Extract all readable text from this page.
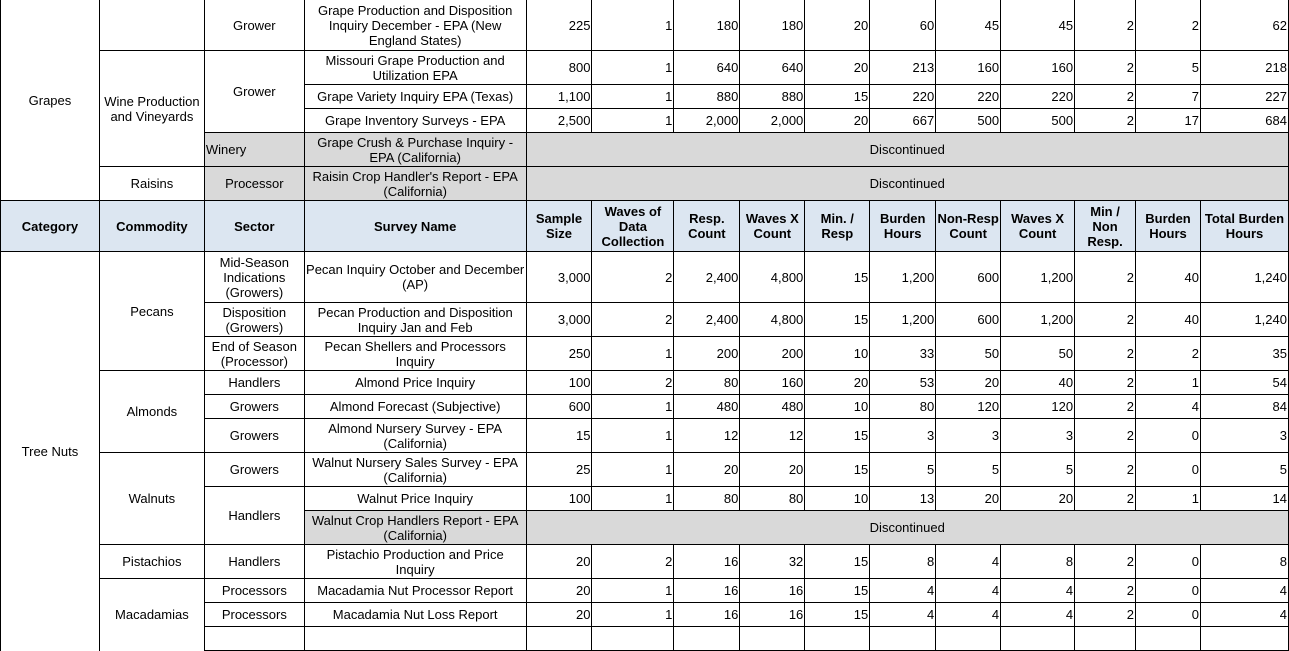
Grapes		Grower	Grape Production and Disposition Inquiry December - EPA (New England States)	225	1	180	180	20	60	45	45	2	2	62
	Wine Production and Vineyards	Grower	Missouri Grape Production and Utilization EPA	800	1	640	640	20	213	160	160	2	5	218
			Grape Variety Inquiry EPA (Texas)	1,100	1	880	880	15	220	220	220	2	7	227
			Grape Inventory Surveys - EPA	2,500	1	2,000	2,000	20	667	500	500	2	17	684
		Winery	Grape Crush & Purchase Inquiry - EPA (California)	Discontinued										
	Raisins	Processor	Raisin Crop Handler's Report - EPA (California)	Discontinued										
Category	Commodity	Sector	Survey Name	Sample Size	Waves of Data Collection	Resp. Count	Waves X Count	Min. / Resp	Burden Hours	Non-Resp Count	Waves X Count	Min / Non Resp.	Burden Hours	Total Burden Hours
Tree Nuts	Pecans	Mid-Season Indications (Growers)	Pecan Inquiry October and December (AP)	3,000	2	2,400	4,800	15	1,200	600	1,200	2	40	1,240
		Disposition (Growers)	Pecan Production and Disposition Inquiry Jan and Feb	3,000	2	2,400	4,800	15	1,200	600	1,200	2	40	1,240
		End of Season (Processor)	Pecan Shellers and Processors Inquiry	250	1	200	200	10	33	50	50	2	2	35
	Almonds	Handlers	Almond Price Inquiry	100	2	80	160	20	53	20	40	2	1	54
		Growers	Almond Forecast (Subjective)	600	1	480	480	10	80	120	120	2	4	84
		Growers	Almond Nursery Survey - EPA (California)	15	1	12	12	15	3	3	3	2	0	3
	Walnuts	Growers	Walnut Nursery Sales Survey - EPA (California)	25	1	20	20	15	5	5	5	2	0	5
		Handlers	Walnut Price Inquiry	100	1	80	80	10	13	20	20	2	1	14
			Walnut Crop Handlers Report - EPA (California)	Discontinued										
	Pistachios	Handlers	Pistachio Production and Price Inquiry	20	2	16	32	15	8	4	8	2	0	8
	Macadamias	Processors	Macadamia Nut Processor Report	20	1	16	16	15	4	4	4	2	0	4
		Processors	Macadamia Nut Loss Report	20	1	16	16	15	4	4	4	2	0	4
